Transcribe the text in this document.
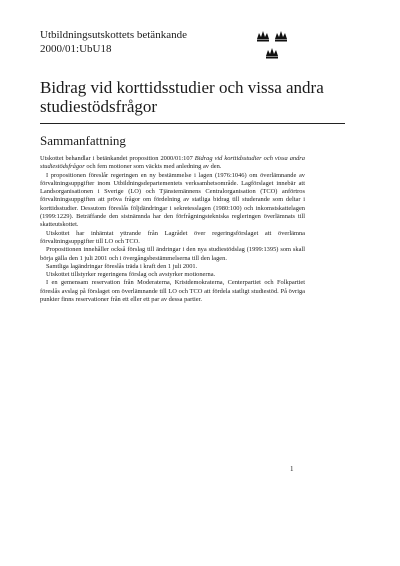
Utbildningsutskottets betänkande
2000/01:UbU18
Bidrag vid korttidsstudier och vissa andra studiestödsfrågor
Sammanfattning

Utskottet behandlar i betänkandet proposition 2000/01:107 Bidrag vid korttidsstudier och vissa andra studiestödsfrågor och fem motioner som väckts med anledning av den.

I propositionen föreslår regeringen en ny bestämmelse i lagen (1976:1046) om överlämnande av förvaltningsuppgifter inom Utbildningsdepartementets verksamhetsområde. Lagförslaget innebär att Landsorganisationen i Sverige (LO) och Tjänstemännens Centralorganisation (TCO) anförtros förvaltningsuppgiften att pröva frågor om fördelning av statliga bidrag till studerande som deltar i korttidsstudier. Dessutom föreslås följdändringar i sekretesslagen (1980:100) och inkomstskattelagen (1999:1229). Beträffande den sistnämnda har den förfrågningstekniska regleringen överlämnats till skatteutskottet.

Utskottet har inhämtat yttrande från Lagrådet över regeringsförslaget att överlämna förvaltningsuppgifter till LO och TCO.

Propositionen innehåller också förslag till ändringar i den nya studiestödslag (1999:1395) som skall börja gälla den 1 juli 2001 och i övergångsbestämmelserna till den lagen.

Samtliga lagändringar föreslås träda i kraft den 1 juli 2001.

Utskottet tillstyrker regeringens förslag och avstyrker motionerna.

I en gemensam reservation från Moderaterna, Kristdemokraterna, Centerpartiet och Folkpartiet föreslås avslag på förslaget om överlämnande till LO och TCO att fördela statligt studiestöd. På övriga punkter finns reservationer från ett eller ett par av dessa partier.

1
